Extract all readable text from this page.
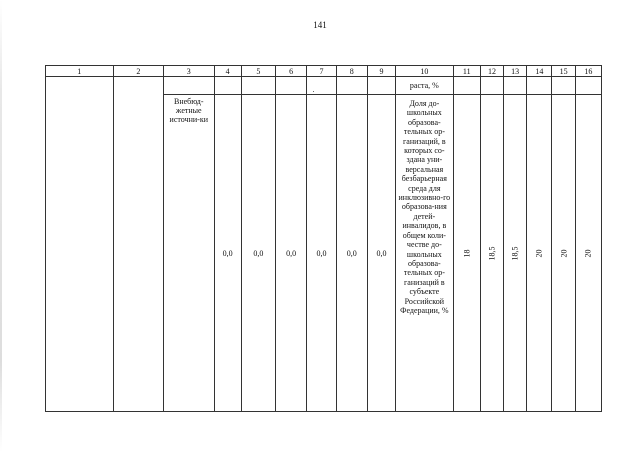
141
1	2	3	4	5	6	7	8	9	10	11	12	13	14	15	16
									раста, %						
		Внебюд-жетные источни-ки	0,0	0,0	0,0	0,0	0,0	0,0	Доля до-школьных образова-тельных ор-ганизаций, в которых со-здана уни-версальная безбарьерная среда для инклюзивно-го образова-ния детей-инвалидов, в общем коли-честве до-школьных образова-тельных ор-ганизаций в субъекте Российской Федерации, %	18	18,5	18,5	20	20	20
